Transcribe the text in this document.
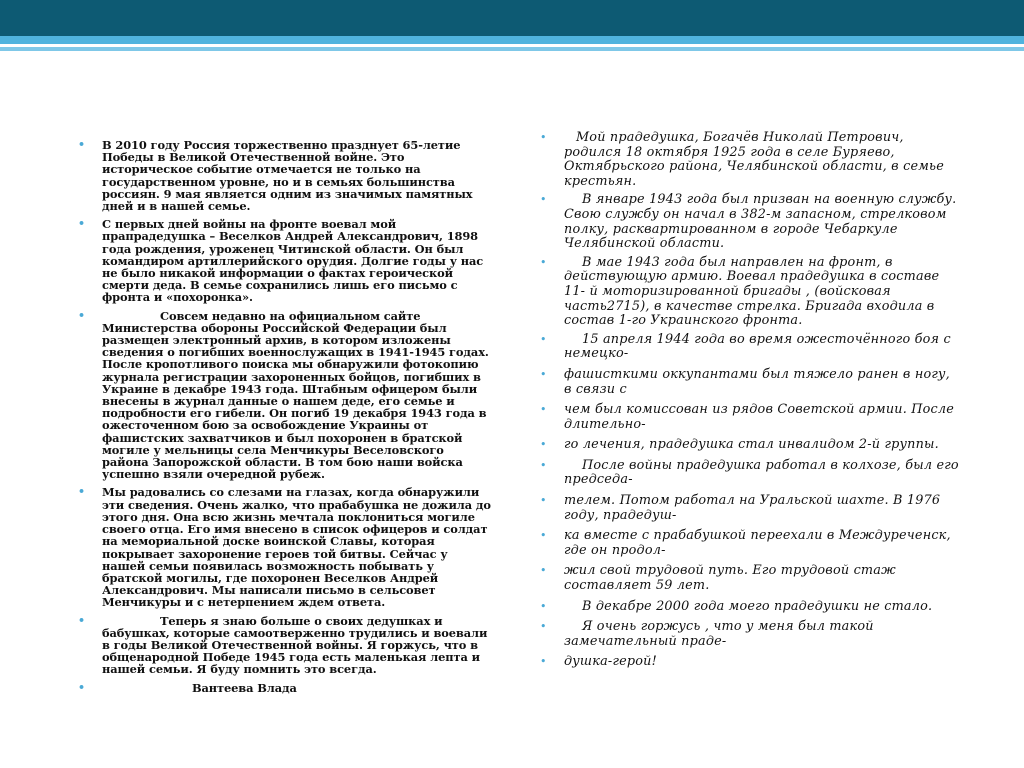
• В 2010 году Россия торжественно празднует 65-летие Победы в Великой Отечественной войне. Это историческое событие отмечается не только на государственном уровне, но и в семьях большинства россиян. 9 мая является одним из значимых памятных дней и в нашей семье.
• С первых дней войны на фронте воевал мой прапрадедушка – Веселков Андрей Александрович, 1898 года рождения, уроженец Читинской области. Он был командиром артиллерийского орудия. Долгие годы у нас не было никакой информации о фактах героической смерти деда. В семье сохранились лишь его письмо с фронта и «похоронка».
• Совсем недавно на официальном сайте Министерства обороны Российской Федерации был размещен электронный архив, в котором изложены сведения о погибших военнослужащих в 1941-1945 годах. После кропотливого поиска мы обнаружили фотокопию журнала регистрации захороненных бойцов, погибших в Украине в декабре 1943 года. Штабным офицером были внесены в журнал данные о нашем деде, его семье и подробности его гибели. Он погиб 19 декабря 1943 года в ожесточенном бою за освобождение Украины от фашистских захватчиков и был похоронен в братской могиле у мельницы села Менчикуры Веселовского района Запорожской области. В том бою наши войска успешно взяли очередной рубеж.
• Мы радовались со слезами на глазах, когда обнаружили эти сведения. Очень жалко, что прабабушка не дожила до этого дня. Она всю жизнь мечтала поклониться могиле своего отца. Его имя внесено в список офицеров и солдат на мемориальной доске воинской Славы, которая покрывает захоронение героев той битвы. Сейчас у нашей семьи появилась возможность побывать у братской могилы, где похоронен Веселков Андрей Александрович. Мы написали письмо в сельсовет Менчикуры и с нетерпением ждем ответа.
• Теперь я знаю больше о своих дедушках и бабушках, которые самоотверженно трудились и воевали в годы Великой Отечественной войны. Я горжусь, что в общенародной Победе 1945 года есть маленькая лепта и нашей семьи. Я буду помнить это всегда.
• Вантеева Влада
• Мой прадедушка, Богачёв Николай Петрович, родился 18 октября 1925 года в селе Буряево, Октябрьского района, Челябинской области, в семье крестьян.
• В январе 1943 года был призван на военную службу. Свою службу он начал в 382-м запасном, стрелковом полку, расквартированном в городе Чебаркуле Челябинской области.
• В мае 1943 года был направлен на фронт, в действующую армию. Воевал прадедушка в составе 11- й моторизированной бригады , (войсковая часть2715), в качестве стрелка. Бригада входила в состав 1-го Украинского фронта.
• 15 апреля 1944 года во время ожесточённого боя с немецко-
• фашисткими оккупантами был тяжело ранен в ногу, в связи с
• чем был комиссован из рядов Советской армии. После длительно-
• го лечения, прадедушка стал инвалидом 2-й группы.
• После войны прадедушка работал в колхозе, был его председа-
• телем. Потом работал на Уральской шахте. В 1976 году, прадедуш-
• ка вместе с прабабушкой переехали в Междуреченск, где он продол-
• жил свой трудовой путь. Его трудовой стаж составляет 59 лет.
• В декабре 2000 года моего прадедушки не стало.
• Я очень горжусь , что у меня был такой замечательный праде-
• душка-герой!
